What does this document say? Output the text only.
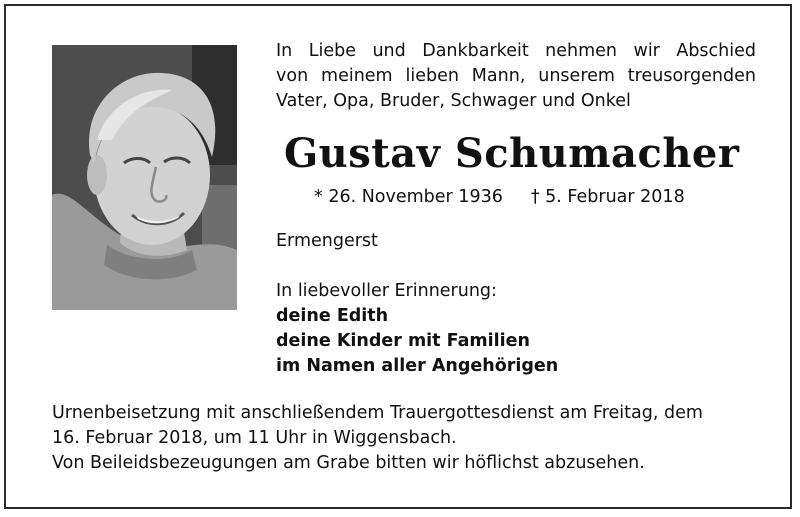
In Liebe und Dankbarkeit nehmen wir Abschied
von meinem lieben Mann, unserem treusorgenden
Vater, Opa, Bruder, Schwager und Onkel
Gustav Schumacher
* 26. November 1936 † 5. Februar 2018
Ermengerst
In liebevoller Erinnerung:
deine Edith
deine Kinder mit Familien
im Namen aller Angehörigen
Urnenbeisetzung mit anschließendem Trauergottesdienst am Freitag, dem
16. Februar 2018, um 11 Uhr in Wiggensbach.
Von Beileidsbezeugungen am Grabe bitten wir höflichst abzusehen.
